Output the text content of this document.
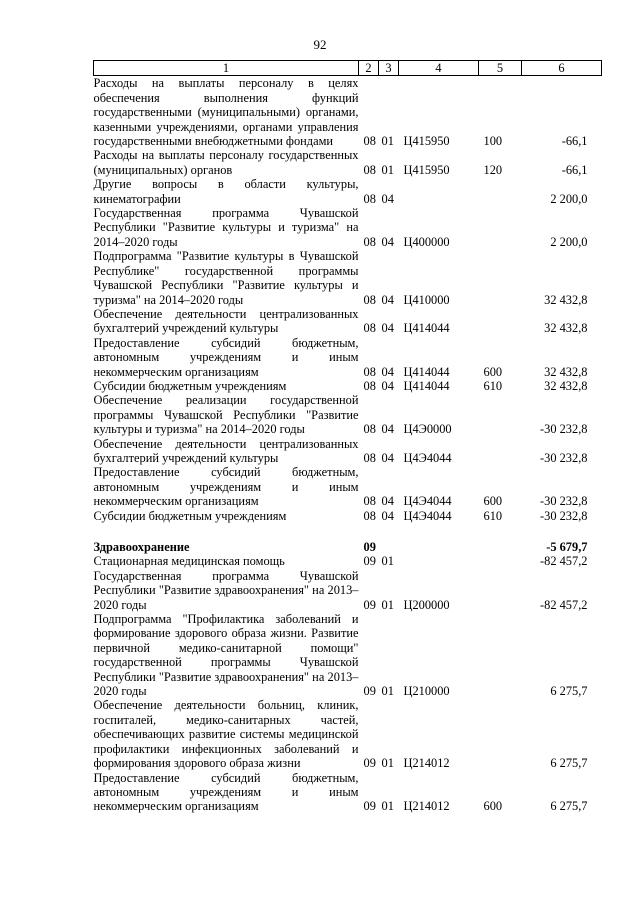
92
1	2	3	4	5	6
Расходы на выплаты персоналу в целях обеспечения выполнения функций государственными (муниципальными) органами, казенными учреждениями, органами управления государственными внебюджетными фондами	08	01	Ц415950	100	-66,1
Расходы на выплаты персоналу государственных (муниципальных) органов	08	01	Ц415950	120	-66,1
Другие вопросы в области культуры, кинематографии	08	04			2 200,0
Государственная программа Чувашской Республики "Развитие культуры и туризма" на 2014–2020 годы	08	04	Ц400000		2 200,0
Подпрограмма "Развитие культуры в Чувашской Республике" государственной программы Чувашской Республики "Развитие культуры и туризма" на 2014–2020 годы	08	04	Ц410000		32 432,8
Обеспечение деятельности централизованных бухгалтерий учреждений культуры	08	04	Ц414044		32 432,8
Предоставление субсидий бюджетным, автономным учреждениям и иным некоммерческим организациям	08	04	Ц414044	600	32 432,8
Субсидии бюджетным учреждениям	08	04	Ц414044	610	32 432,8
Обеспечение реализации государственной программы Чувашской Республики "Развитие культуры и туризма" на 2014–2020 годы	08	04	Ц4Э0000		-30 232,8
Обеспечение деятельности централизованных бухгалтерий учреждений культуры	08	04	Ц4Э4044		-30 232,8
Предоставление субсидий бюджетным, автономным учреждениям и иным некоммерческим организациям	08	04	Ц4Э4044	600	-30 232,8
Субсидии бюджетным учреждениям	08	04	Ц4Э4044	610	-30 232,8

Здравоохранение	09				-5 679,7
Стационарная медицинская помощь	09	01			-82 457,2
Государственная программа Чувашской Республики "Развитие здравоохранения" на 2013–2020 годы	09	01	Ц200000		-82 457,2
Подпрограмма "Профилактика заболеваний и формирование здорового образа жизни. Развитие первичной медико-санитарной помощи" государственной программы Чувашской Республики "Развитие здравоохранения" на 2013–2020 годы	09	01	Ц210000		6 275,7
Обеспечение деятельности больниц, клиник, госпиталей, медико-санитарных частей, обеспечивающих развитие системы медицинской профилактики инфекционных заболеваний и формирования здорового образа жизни	09	01	Ц214012		6 275,7
Предоставление субсидий бюджетным, автономным учреждениям и иным некоммерческим организациям	09	01	Ц214012	600	6 275,7
